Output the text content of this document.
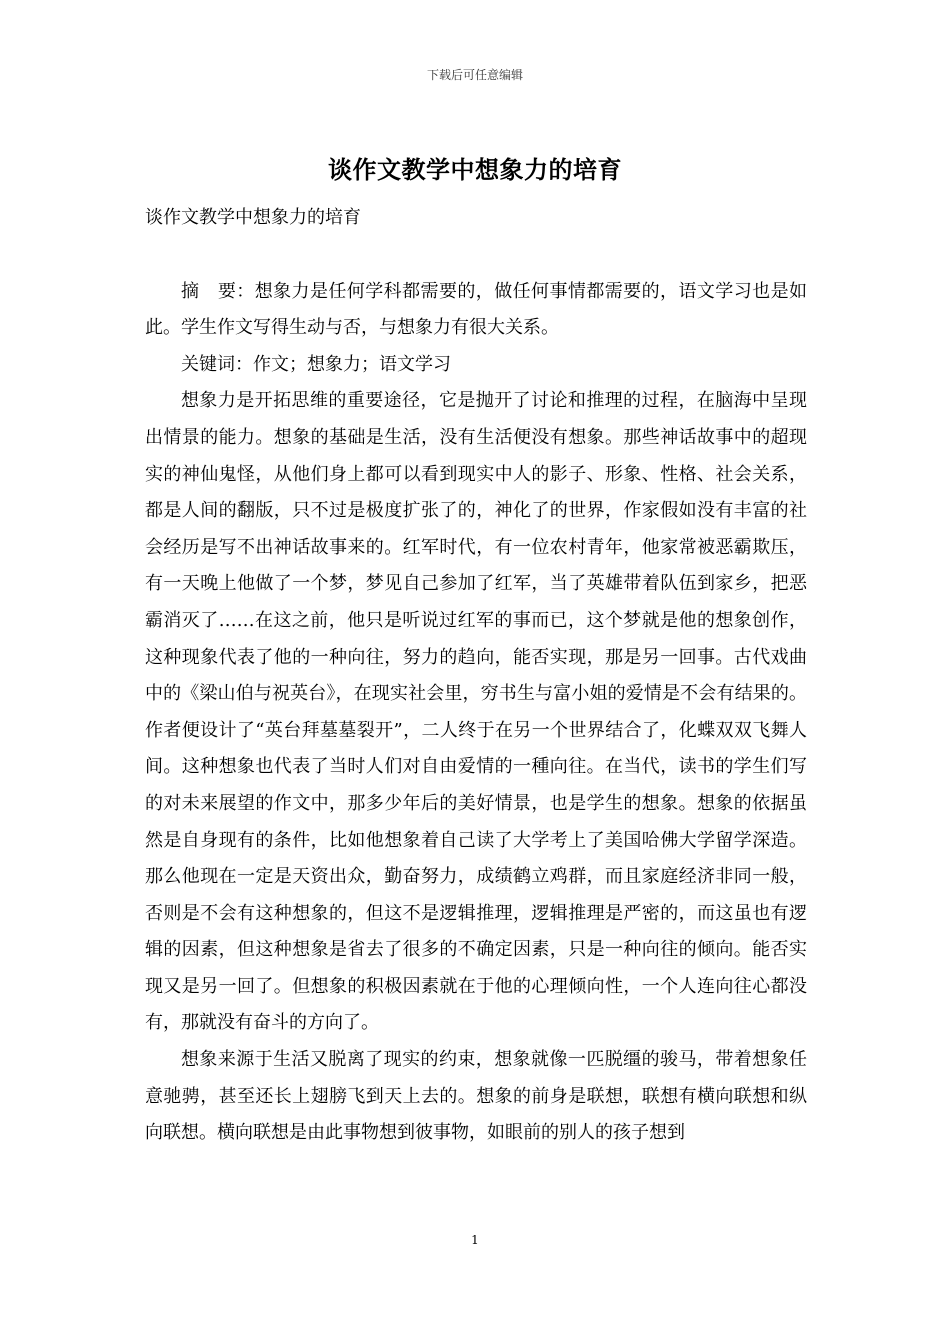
下载后可任意编辑
谈作文教学中想象力的培育

谈作文教学中想象力的培育

摘　要：想象力是任何学科都需要的，做任何事情都需要的，语文学习也是如此。学生作文写得生动与否，与想象力有很大关系。

关键词：作文；想象力；语文学习

想象力是开拓思维的重要途径，它是抛开了讨论和推理的过程，在脑海中呈现出情景的能力。想象的基础是生活，没有生活便没有想象。那些神话故事中的超现实的神仙鬼怪，从他们身上都可以看到现实中人的影子、形象、性格、社会关系，都是人间的翻版，只不过是极度扩张了的，神化了的世界，作家假如没有丰富的社会经历是写不出神话故事来的。红军时代，有一位农村青年，他家常被恶霸欺压，有一天晚上他做了一个梦，梦见自己参加了红军，当了英雄带着队伍到家乡，把恶霸消灭了……在这之前，他只是听说过红军的事而已，这个梦就是他的想象创作，这种现象代表了他的一种向往，努力的趋向，能否实现，那是另一回事。古代戏曲中的《梁山伯与祝英台》，在现实社会里，穷书生与富小姐的爱情是不会有结果的。作者便设计了“英台拜墓墓裂开”，二人终于在另一个世界结合了，化蝶双双飞舞人间。这种想象也代表了当时人们对自由爱情的一種向往。在当代，读书的学生们写的对未来展望的作文中，那多少年后的美好情景，也是学生的想象。想象的依据虽然是自身现有的条件，比如他想象着自己读了大学考上了美国哈佛大学留学深造。那么他现在一定是天资出众，勤奋努力，成绩鹤立鸡群，而且家庭经济非同一般，否则是不会有这种想象的，但这不是逻辑推理，逻辑推理是严密的，而这虽也有逻辑的因素，但这种想象是省去了很多的不确定因素，只是一种向往的倾向。能否实现又是另一回了。但想象的积极因素就在于他的心理倾向性，一个人连向往心都没有，那就没有奋斗的方向了。

想象来源于生活又脱离了现实的约束，想象就像一匹脱缰的骏马，带着想象任意驰骋，甚至还长上翅膀飞到天上去的。想象的前身是联想，联想有横向联想和纵向联想。横向联想是由此事物想到彼事物，如眼前的别人的孩子想到

1
